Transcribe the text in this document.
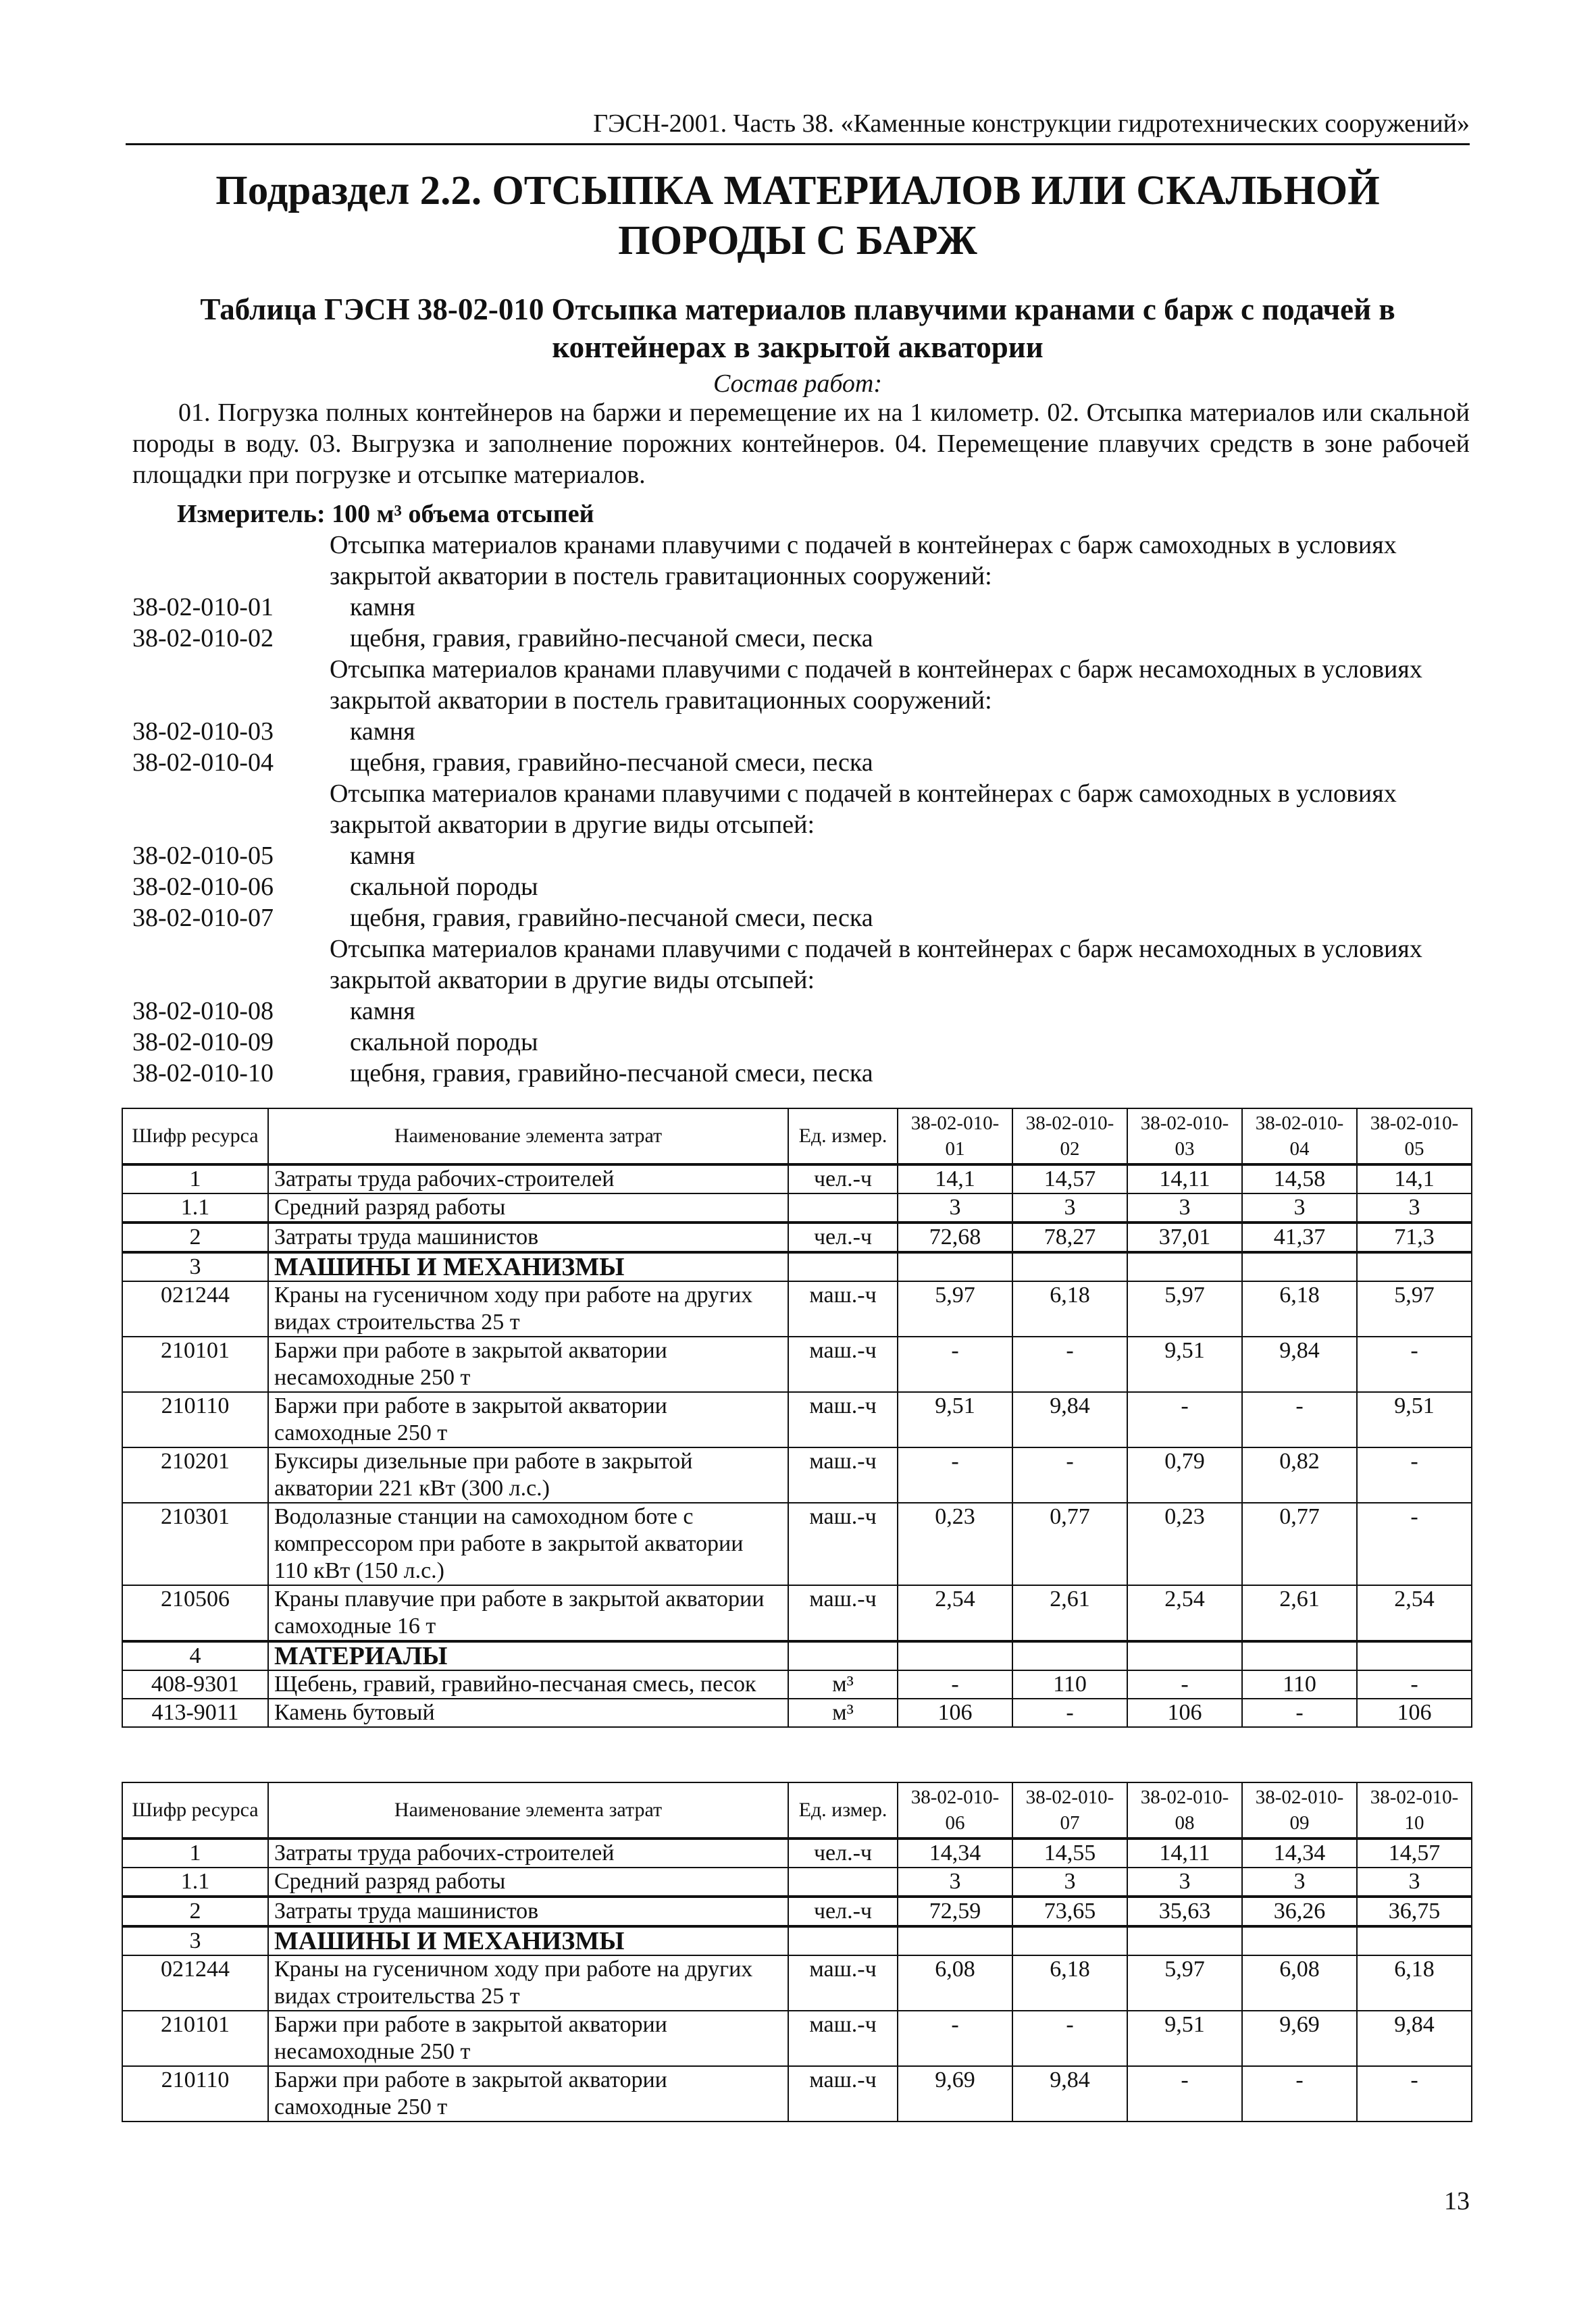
ГЭСН-2001. Часть 38. «Каменные конструкции гидротехнических сооружений»
Подраздел 2.2. ОТСЫПКА МАТЕРИАЛОВ ИЛИ СКАЛЬНОЙ ПОРОДЫ С БАРЖ
Таблица ГЭСН 38-02-010 Отсыпка материалов плавучими кранами с барж с подачей в контейнерах в закрытой акватории
Состав работ:
01. Погрузка полных контейнеров на баржи и перемещение их на 1 километр. 02. Отсыпка материалов или скальной породы в воду. 03. Выгрузка и заполнение порожних контейнеров. 04. Перемещение плавучих средств в зоне рабочей площадки при погрузке и отсыпке материалов.
Измеритель: 100 м³ объема отсыпей
Отсыпка материалов кранами плавучими с подачей в контейнерах с барж самоходных в условиях закрытой акватории в постель гравитационных сооружений:
38-02-010-01	камня
38-02-010-02	щебня, гравия, гравийно-песчаной смеси, песка
Отсыпка материалов кранами плавучими с подачей в контейнерах с барж несамоходных в условиях закрытой акватории в постель гравитационных сооружений:
38-02-010-03	камня
38-02-010-04	щебня, гравия, гравийно-песчаной смеси, песка
Отсыпка материалов кранами плавучими с подачей в контейнерах с барж самоходных в условиях закрытой акватории в другие виды отсыпей:
38-02-010-05	камня
38-02-010-06	скальной породы
38-02-010-07	щебня, гравия, гравийно-песчаной смеси, песка
Отсыпка материалов кранами плавучими с подачей в контейнерах с барж несамоходных в условиях закрытой акватории в другие виды отсыпей:
38-02-010-08	камня
38-02-010-09	скальной породы
38-02-010-10	щебня, гравия, гравийно-песчаной смеси, песка
Шифр ресурса	Наименование элемента затрат	Ед. измер.	38-02-010-01	38-02-010-02	38-02-010-03	38-02-010-04	38-02-010-05
1	Затраты труда рабочих-строителей	чел.-ч	14,1	14,57	14,11	14,58	14,1
1.1	Средний разряд работы		3	3	3	3	3
2	Затраты труда машинистов	чел.-ч	72,68	78,27	37,01	41,37	71,3
3	МАШИНЫ И МЕХАНИЗМЫ						
021244	Краны на гусеничном ходу при работе на других видах строительства 25 т	маш.-ч	5,97	6,18	5,97	6,18	5,97
210101	Баржи при работе в закрытой акватории несамоходные 250 т	маш.-ч	-	-	9,51	9,84	-
210110	Баржи при работе в закрытой акватории самоходные 250 т	маш.-ч	9,51	9,84	-	-	9,51
210201	Буксиры дизельные при работе в закрытой акватории 221 кВт (300 л.с.)	маш.-ч	-	-	0,79	0,82	-
210301	Водолазные станции на самоходном боте с компрессором при работе в закрытой акватории 110 кВт (150 л.с.)	маш.-ч	0,23	0,77	0,23	0,77	-
210506	Краны плавучие при работе в закрытой акватории самоходные 16 т	маш.-ч	2,54	2,61	2,54	2,61	2,54
4	МАТЕРИАЛЫ						
408-9301	Щебень, гравий, гравийно-песчаная смесь, песок	м³	-	110	-	110	-
413-9011	Камень бутовый	м³	106	-	106	-	106
Шифр ресурса	Наименование элемента затрат	Ед. измер.	38-02-010-06	38-02-010-07	38-02-010-08	38-02-010-09	38-02-010-10
1	Затраты труда рабочих-строителей	чел.-ч	14,34	14,55	14,11	14,34	14,57
1.1	Средний разряд работы		3	3	3	3	3
2	Затраты труда машинистов	чел.-ч	72,59	73,65	35,63	36,26	36,75
3	МАШИНЫ И МЕХАНИЗМЫ						
021244	Краны на гусеничном ходу при работе на других видах строительства 25 т	маш.-ч	6,08	6,18	5,97	6,08	6,18
210101	Баржи при работе в закрытой акватории несамоходные 250 т	маш.-ч	-	-	9,51	9,69	9,84
210110	Баржи при работе в закрытой акватории самоходные 250 т	маш.-ч	9,69	9,84	-	-	-
13
